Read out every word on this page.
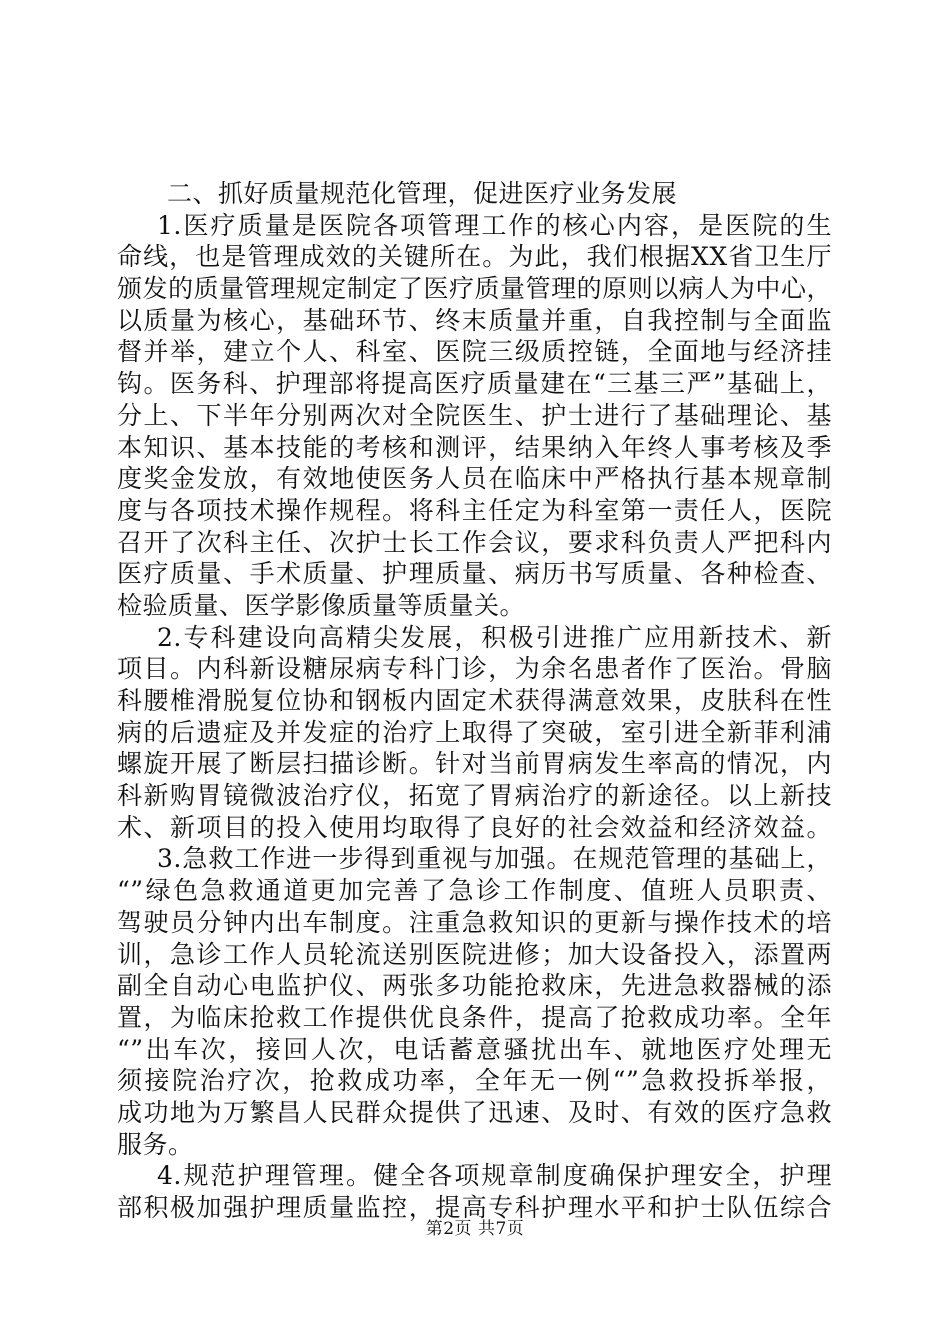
二、抓好质量规范化管理，促进医疗业务发展
1.医疗质量是医院各项管理工作的核心内容，是医院的生
命线，也是管理成效的关键所在。为此，我们根据XX省卫生厅
颁发的质量管理规定制定了医疗质量管理的原则以病人为中心，
以质量为核心，基础环节、终末质量并重，自我控制与全面监
督并举，建立个人、科室、医院三级质控链，全面地与经济挂
钩。医务科、护理部将提高医疗质量建在“三基三严”基础上，
分上、下半年分别两次对全院医生、护士进行了基础理论、基
本知识、基本技能的考核和测评，结果纳入年终人事考核及季
度奖金发放，有效地使医务人员在临床中严格执行基本规章制
度与各项技术操作规程。将科主任定为科室第一责任人，医院
召开了次科主任、次护士长工作会议，要求科负责人严把科内
医疗质量、手术质量、护理质量、病历书写质量、各种检查、
检验质量、医学影像质量等质量关。
2.专科建设向高精尖发展，积极引进推广应用新技术、新
项目。内科新设糖尿病专科门诊，为余名患者作了医治。骨脑
科腰椎滑脱复位协和钢板内固定术获得满意效果，皮肤科在性
病的后遗症及并发症的治疗上取得了突破，室引进全新菲利浦
螺旋开展了断层扫描诊断。针对当前胃病发生率高的情况，内
科新购胃镜微波治疗仪，拓宽了胃病治疗的新途径。以上新技
术、新项目的投入使用均取得了良好的社会效益和经济效益。
3.急救工作进一步得到重视与加强。在规范管理的基础上，
“”绿色急救通道更加完善了急诊工作制度、值班人员职责、
驾驶员分钟内出车制度。注重急救知识的更新与操作技术的培
训，急诊工作人员轮流送别医院进修；加大设备投入，添置两
副全自动心电监护仪、两张多功能抢救床，先进急救器械的添
置，为临床抢救工作提供优良条件，提高了抢救成功率。全年
“”出车次，接回人次，电话蓄意骚扰出车、就地医疗处理无
须接院治疗次，抢救成功率，全年无一例“”急救投拆举报，
成功地为万繁昌人民群众提供了迅速、及时、有效的医疗急救
服务。
4.规范护理管理。健全各项规章制度确保护理安全，护理
部积极加强护理质量监控，提高专科护理水平和护士队伍综合
第2页 共7页
